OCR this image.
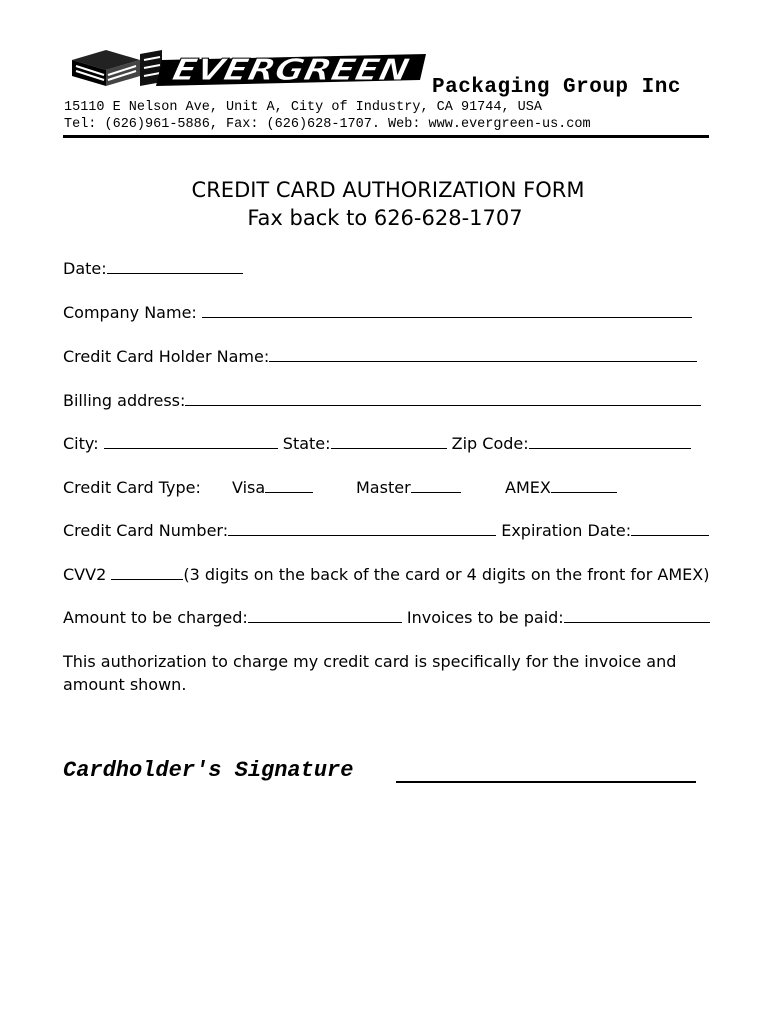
EVERGREEN	Packaging Group Inc
15110 E Nelson Ave, Unit A, City of Industry, CA 91744, USA
Tel: (626)961-5886, Fax: (626)628-1707. Web: www.evergreen-us.com
CREDIT CARD AUTHORIZATION FORM
Fax back to 626-628-1707
Date:
Company Name:
Credit Card Holder Name:
Billing address:
City:	State:	Zip Code:
Credit Card Type: Visa	Master	AMEX
Credit Card Number:	Expiration Date:
CVV2	(3 digits on the back of the card or 4 digits on the front for AMEX)
Amount to be charged:	Invoices to be paid:
This authorization to charge my credit card is specifically for the invoice and amount shown.
Cardholder's Signature
